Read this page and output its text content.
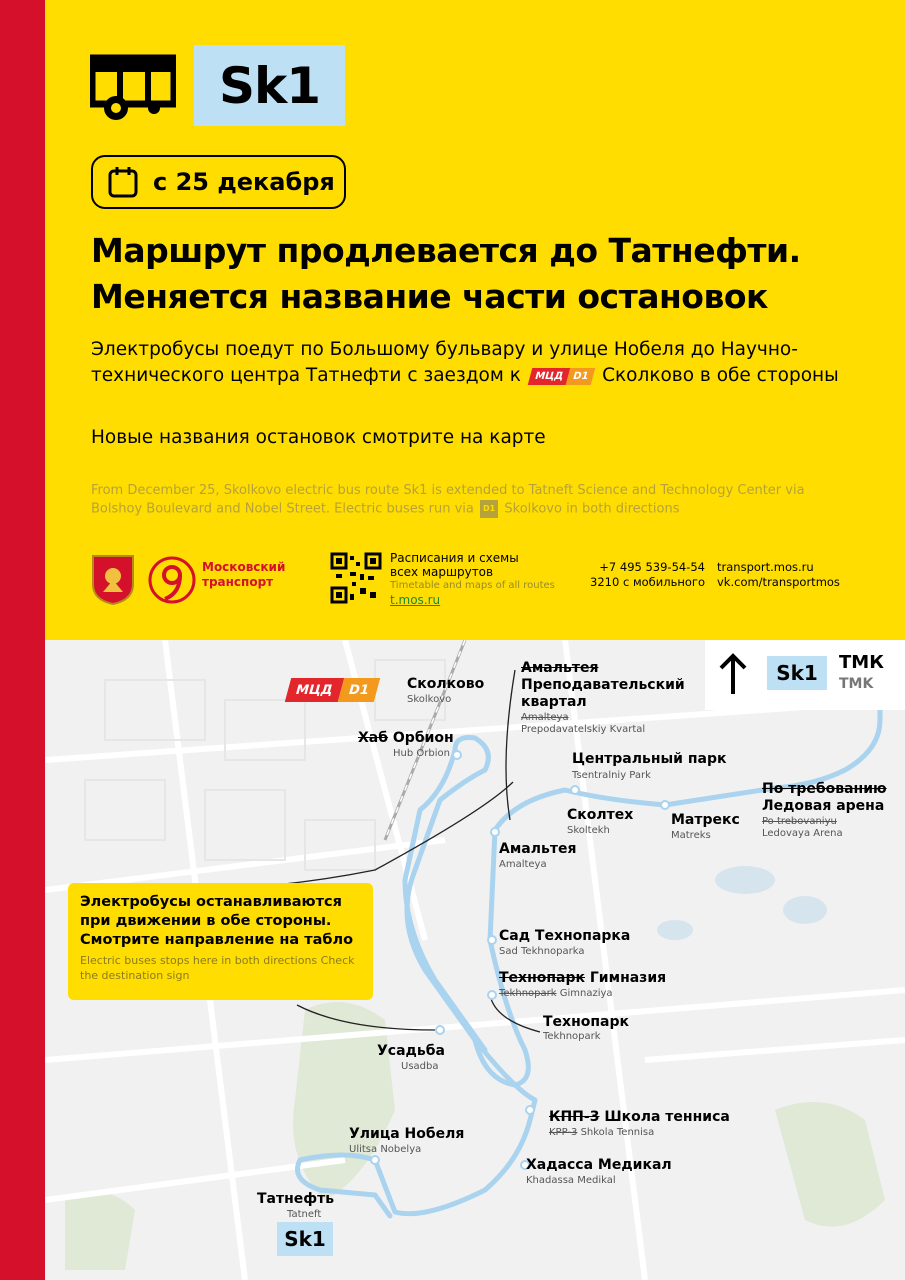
Sk1
с 25 декабря
Маршрут продлевается до Татнефти.
Меняется название части остановок
Электробусы поедут по Большому бульвару и улице Нобеля до Научно-технического центра Татнефти с заездом к	МЦД D1 Сколково в обе стороны
Новые названия остановок смотрите на карте
From December 25, Skolkovo electric bus route Sk1 is extended to Tatneft Science and Technology Center via Bolshoy Boulevard and Nobel Street. Electric buses run via D1 Skolkovo in both directions
Московский
транспорт
Расписания и схемы
всех маршрутов
Timetable and maps of all routes
t.mos.ru
+7 495 539-54-54
3210 с мобильного
transport.mos.ru
vk.com/transportmos
Sk1	ТМК
TMK
МЦД D1	Сколково
Skolkovo
Хаб Орбион
Hub Orbion
Амальтея
Преподавательский
квартал
Amalteya
Prepodavatelskiy Kvartal
Центральный парк
Tsentralniy Park
Сколтех
Skoltekh
Матрекс
Matreks
По требованию
Ледовая арена
Po trebovaniyu
Ledovaya Arena
Амальтея
Amalteya
Сад Технопарка
Sad Tekhnoparka
Технопарк Гимназия
Tekhnopark Gimnaziya
Технопарк
Tekhnopark
Усадьба
Usadba
КПП-3 Школа тенниса
KPP-3 Shkola Tennisa
Улица Нобеля
Ulitsa Nobelya
Хадасса Медикал
Khadassa Medikal
Татнефть
Tatneft
Sk1
Электробусы останавливаются при движении в обе стороны. Смотрите направление на табло
Electric buses stops here in both directions Check the destination sign
